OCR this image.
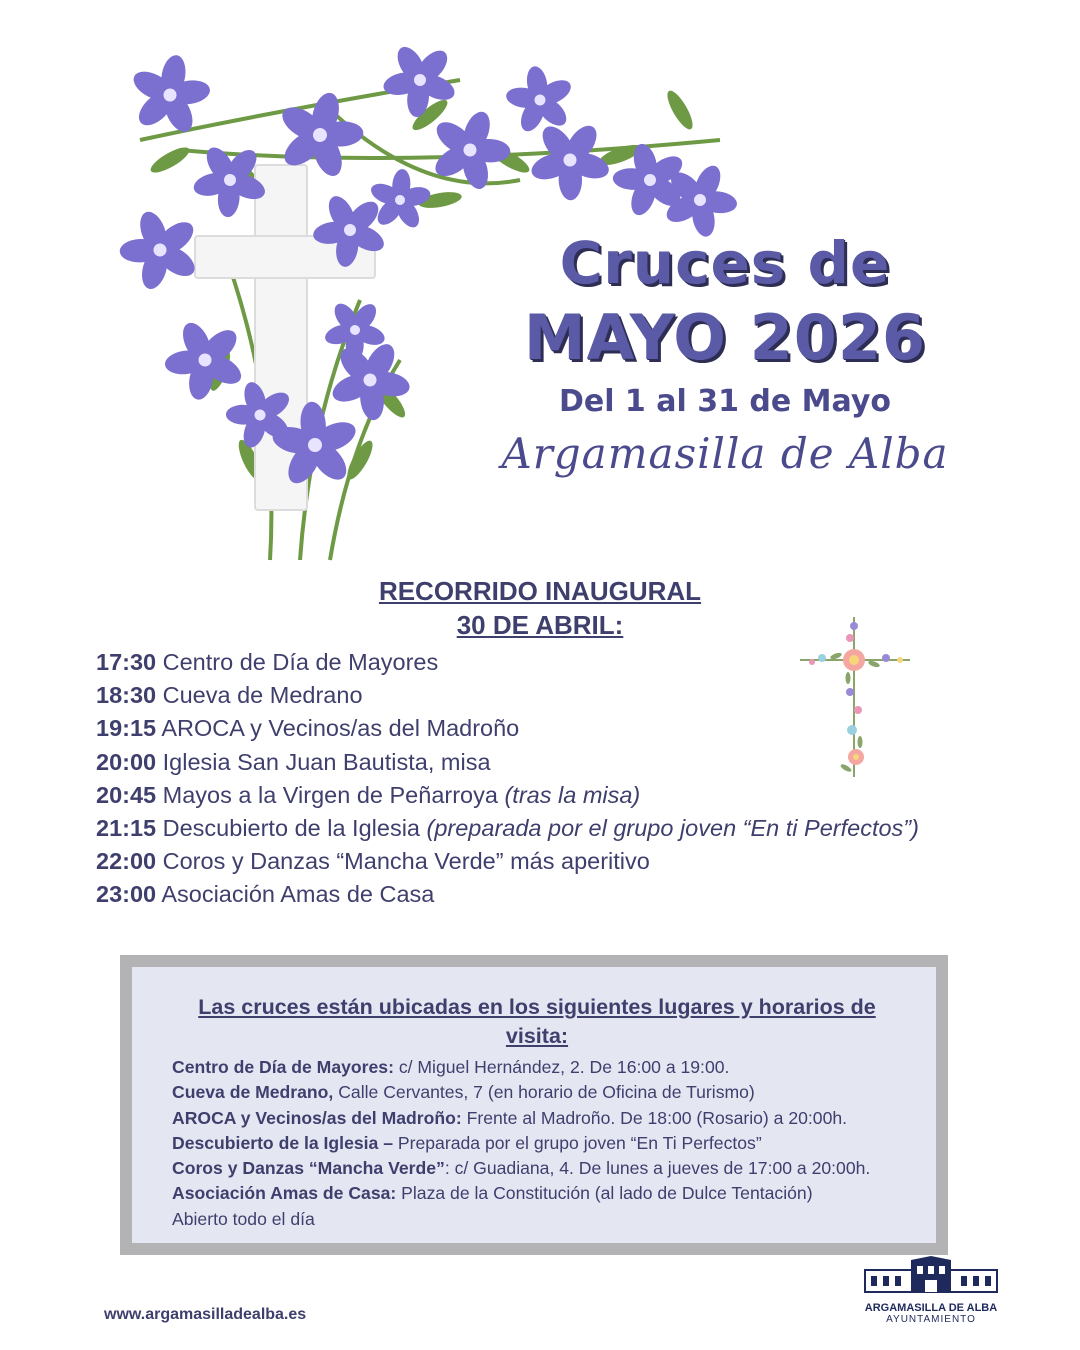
Cruces de
MAYO 2026
Del 1 al 31 de Mayo
Argamasilla de Alba
RECORRIDO INAUGURAL
30 DE ABRIL:
17:30 Centro de Día de Mayores
18:30 Cueva de Medrano
19:15 AROCA y Vecinos/as del Madroño
20:00 Iglesia San Juan Bautista, misa
20:45 Mayos a la Virgen de Peñarroya (tras la misa)
21:15 Descubierto de la Iglesia (preparada por el grupo joven “En ti Perfectos”)
22:00 Coros y Danzas “Mancha Verde” más aperitivo
23:00 Asociación Amas de Casa
Las cruces están ubicadas en los siguientes lugares y horarios de visita:
Centro de Día de Mayores: c/ Miguel Hernández, 2. De 16:00 a 19:00.
Cueva de Medrano, Calle Cervantes, 7 (en horario de Oficina de Turismo)
AROCA y Vecinos/as del Madroño: Frente al Madroño. De 18:00 (Rosario) a 20:00h.
Descubierto de la Iglesia – Preparada por el grupo joven “En Ti Perfectos”
Coros y Danzas “Mancha Verde”: c/ Guadiana, 4. De lunes a jueves de 17:00 a 20:00h.
Asociación Amas de Casa: Plaza de la Constitución (al lado de Dulce Tentación)
Abierto todo el día
www.argamasilladealba.es	ARGAMASILLA DE ALBA
AYUNTAMIENTO
